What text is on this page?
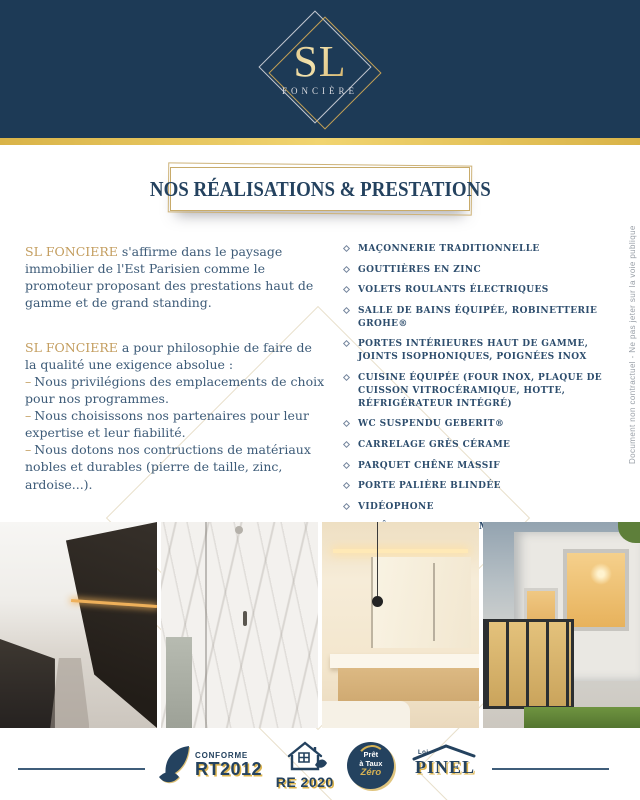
SL
FONCIÈRE
NOS RÉALISATIONS & PRESTATIONS

SL FONCIERE s'affirme dans le paysage immobilier de l'Est Parisien comme le promoteur proposant des prestations haut de gamme et de grand standing.

SL FONCIERE a pour philosophie de faire de la qualité une exigence absolue :

– Nous privilégions des emplacements de choix pour nos programmes.
– Nous choisissons nos partenaires pour leur expertise et leur fiabilité.
– Nous dotons nos contructions de matériaux nobles et durables (pierre de taille, zinc, ardoise...).
MAÇONNERIE TRADITIONNELLE
GOUTTIÈRES EN ZINC
VOLETS ROULANTS ÉLECTRIQUES
SALLE DE BAINS ÉQUIPÉE, ROBINETTERIE GROHE®
PORTES INTÉRIEURES HAUT DE GAMME, JOINTS ISOPHONIQUES, POIGNÉES INOX
CUISINE ÉQUIPÉE (FOUR INOX, PLAQUE DE CUISSON VITROCÉRAMIQUE, HOTTE, RÉFRIGÉRATEUR INTÉGRÉ)
WC SUSPENDU GEBERIT®
CARRELAGE GRÈS CÉRAME
PARQUET CHÊNE MASSIF
PORTE PALIÈRE BLINDÉE
VIDÉOPHONE
Document non contractuel - Ne pas jeter sur la voie publique
CONFORME
RT2012
RE 2020
Prêt
à Taux
Zéro
Loi
PINEL
